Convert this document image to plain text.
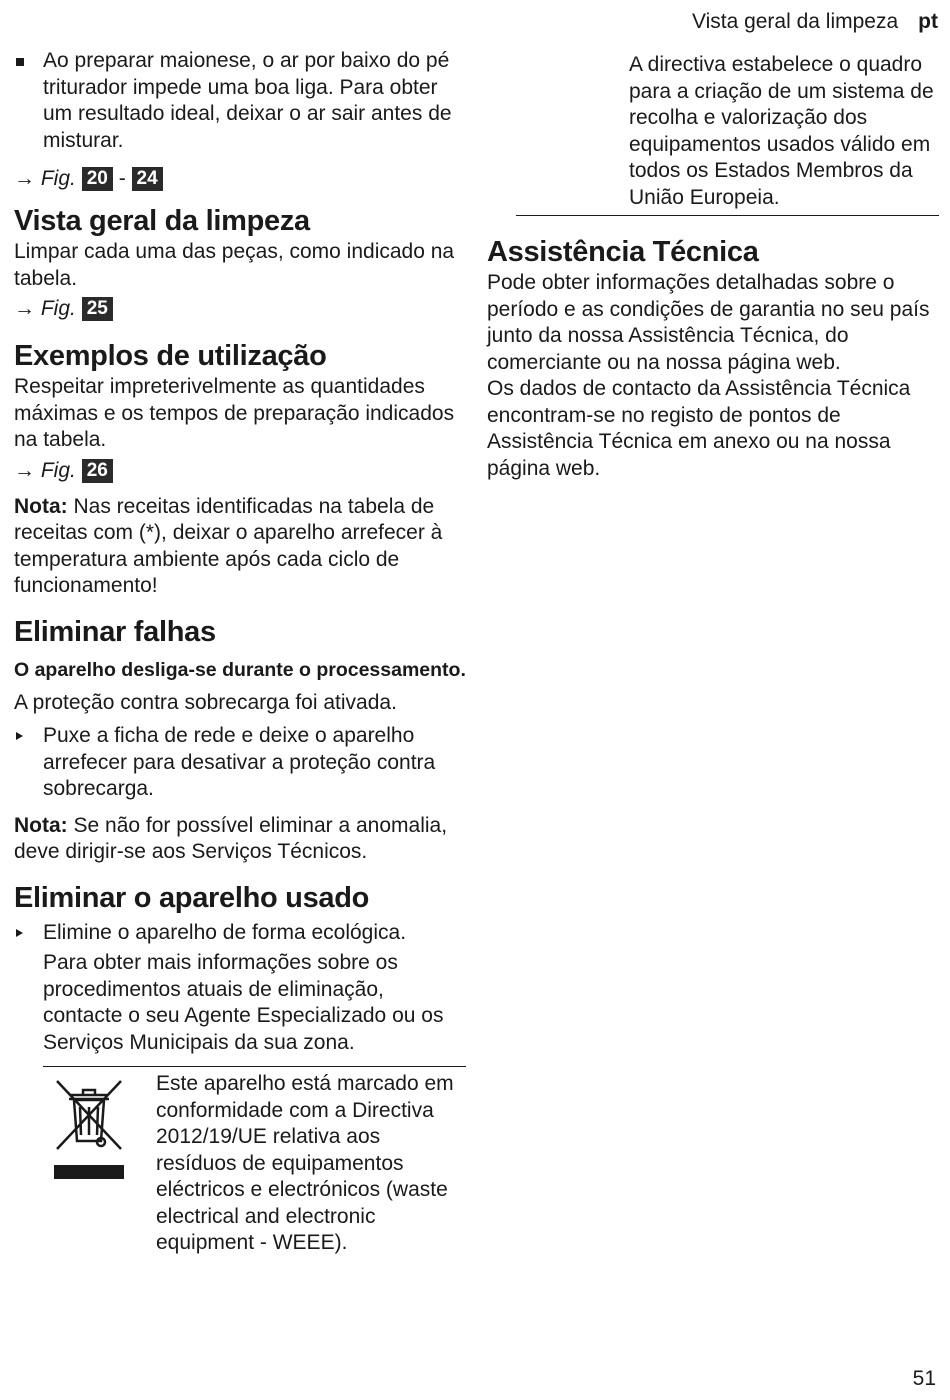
Vista geral da limpeza pt
Ao preparar maionese, o ar por baixo do pé triturador impede uma boa liga. Para obter um resultado ideal, deixar o ar sair antes de misturar.
→ Fig. 20 - 24
Vista geral da limpeza

Limpar cada uma das peças, como indicado na tabela.

→ Fig. 25
Exemplos de utilização

Respeitar impreterivelmente as quantidades máximas e os tempos de preparação indicados na tabela.

→ Fig. 26

Nota: Nas receitas identificadas na tabela de receitas com (*), deixar o aparelho arrefecer à temperatura ambiente após cada ciclo de funcionamento!

Eliminar falhas
O aparelho desliga-se durante o processamento.

A proteção contra sobrecarga foi ativada.

Puxe a ficha de rede e deixe o aparelho arrefecer para desativar a proteção contra sobrecarga.

Nota: Se não for possível eliminar a anomalia, deve dirigir-se aos Serviços Técnicos.

Eliminar o aparelho usado
Elimine o aparelho de forma ecológica.

Para obter mais informações sobre os procedimentos atuais de eliminação, contacte o seu Agente Especializado ou os Serviços Municipais da sua zona.

Este aparelho está marcado em conformidade com a Directiva 2012/19/UE relativa aos resíduos de equipamentos eléctricos e electrónicos (waste electrical and electronic equipment - WEEE).
A directiva estabelece o quadro para a criação de um sistema de recolha e valorização dos equipamentos usados válido em todos os Estados Membros da União Europeia.
Assistência Técnica

Pode obter informações detalhadas sobre o período e as condições de garantia no seu país junto da nossa Assistência Técnica, do comerciante ou na nossa página web.

Os dados de contacto da Assistência Técnica encontram-se no registo de pontos de Assistência Técnica em anexo ou na nossa página web.

51
